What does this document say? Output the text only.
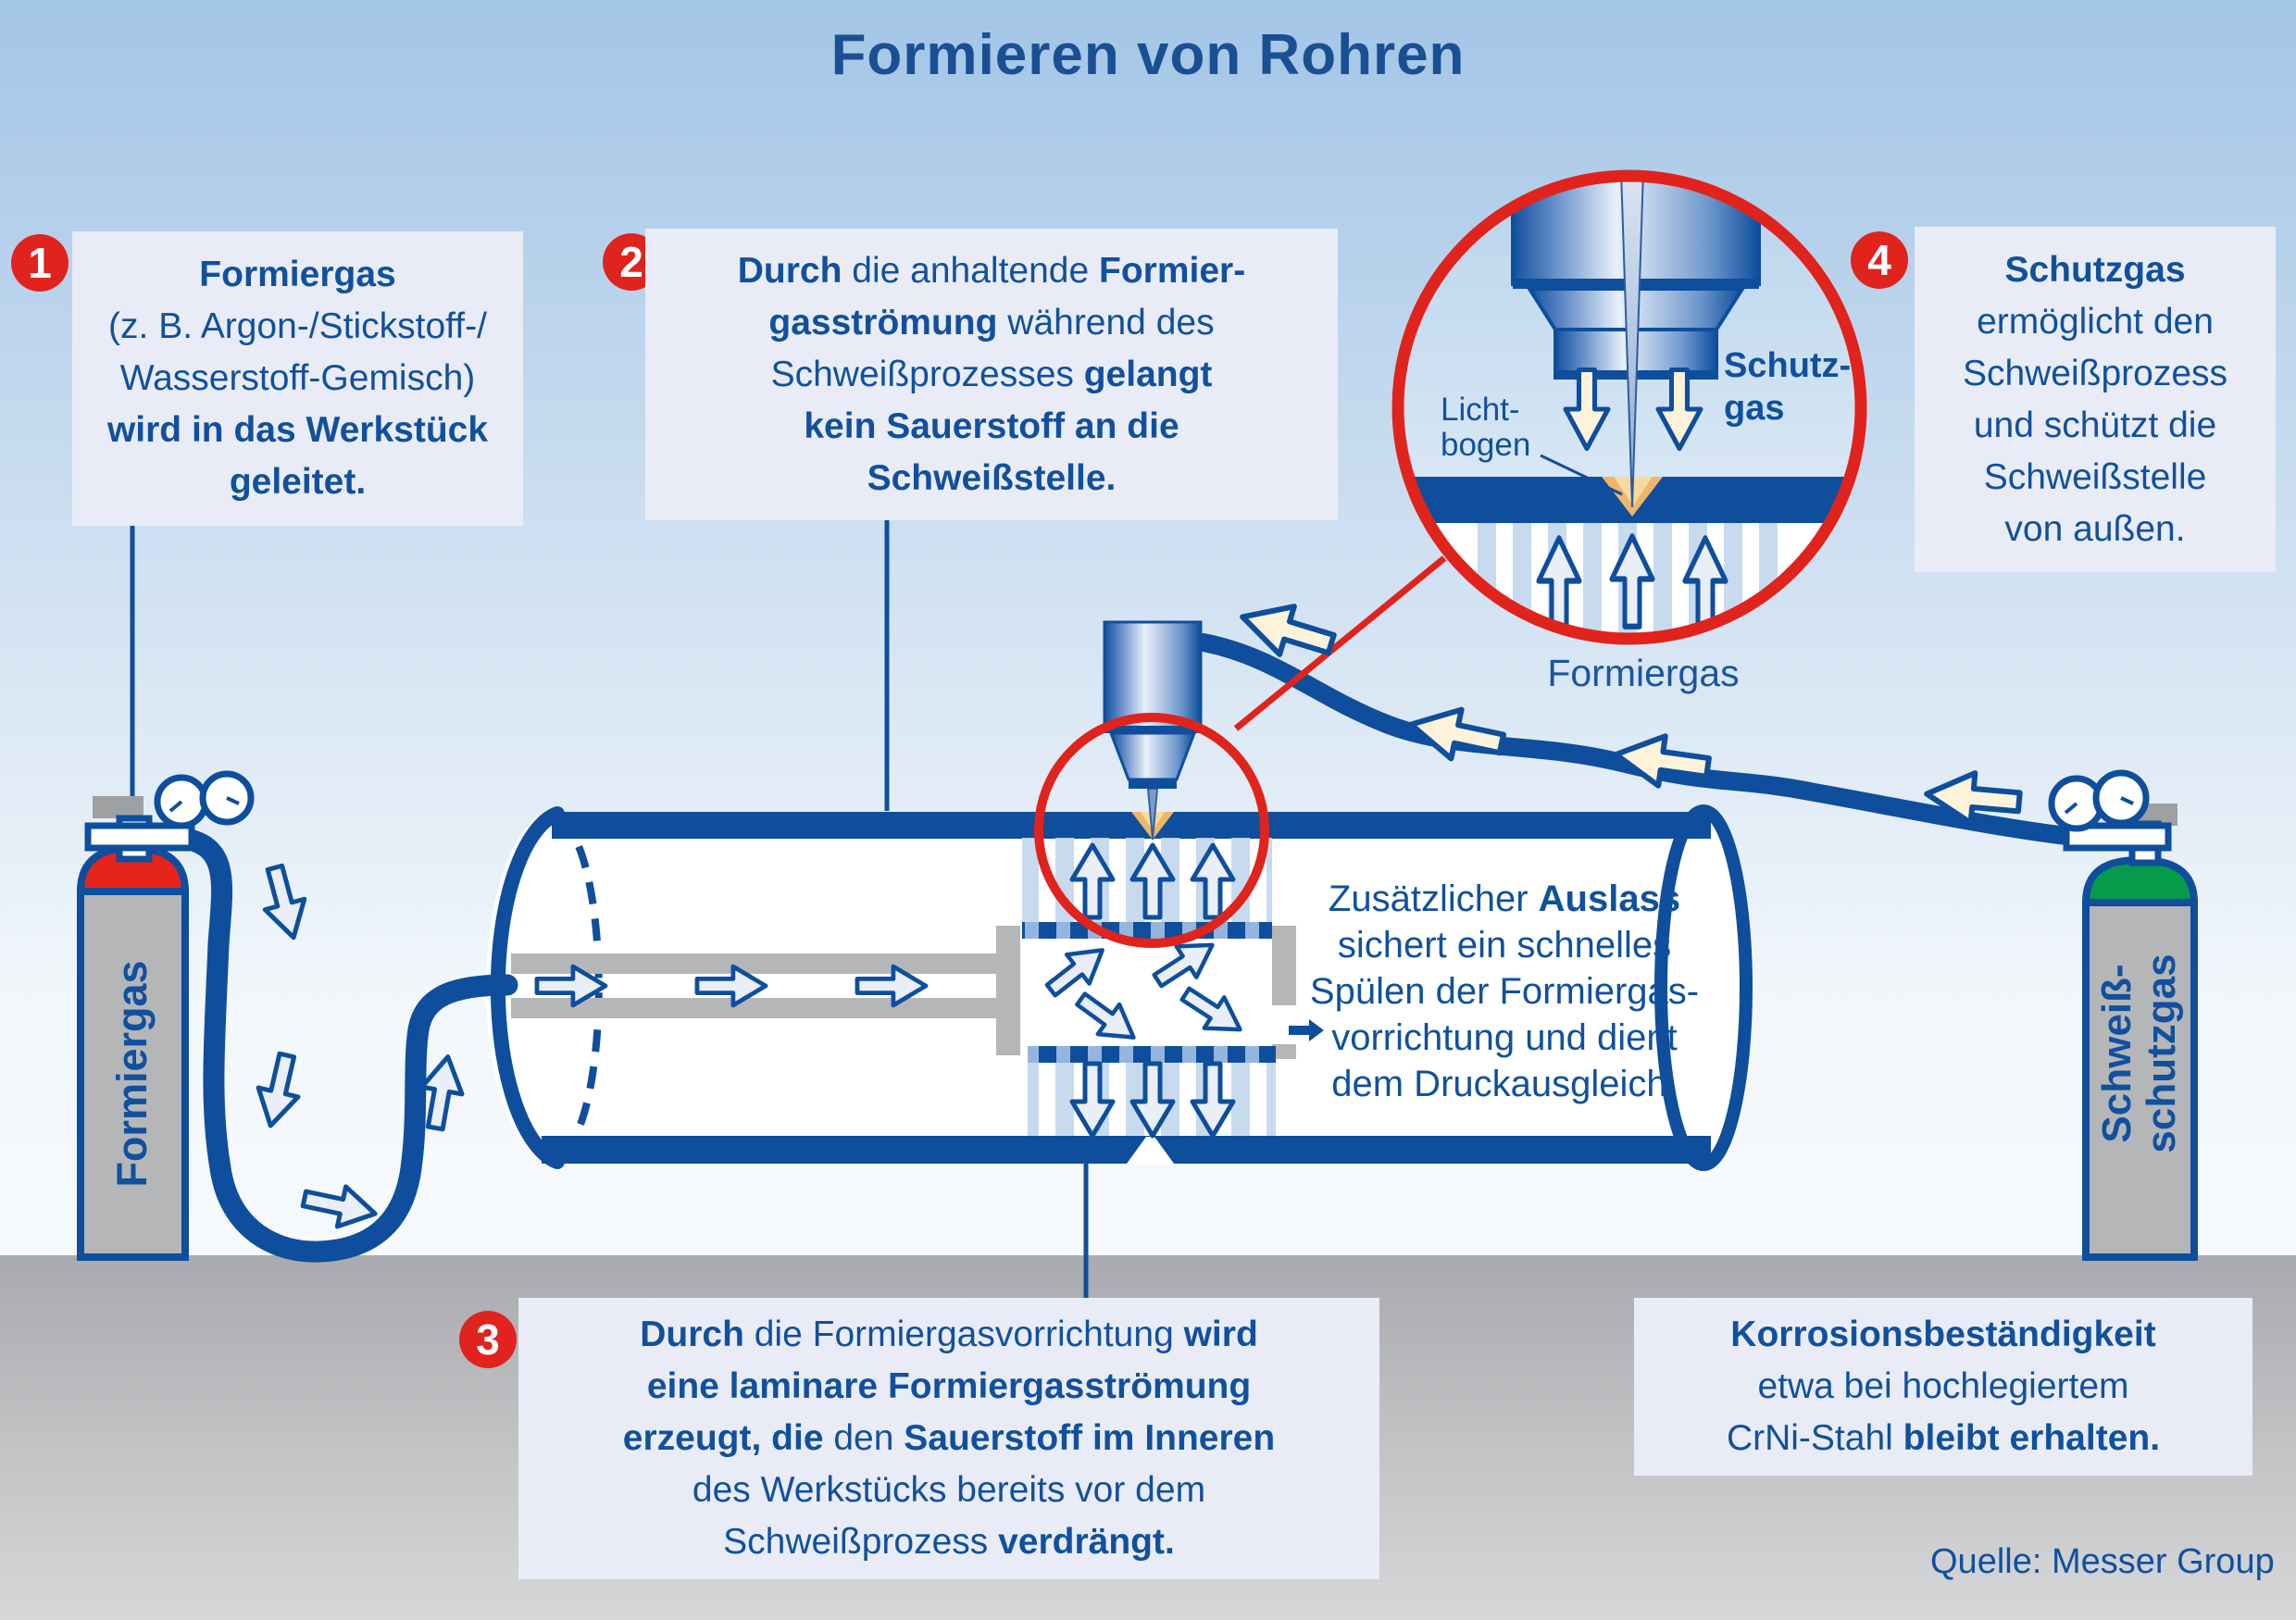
Formieren von Rohren
1	Formiergas
(z. B. Argon-/Stickstoff-/
Wasserstoff-Gemisch)
wird in das Werkstück
geleitet.
2	Durch die anhaltende Formier-
gasströmung während des
Schweißprozesses gelangt
kein Sauerstoff an die
Schweißstelle.
4	Schutzgas
ermöglicht den
Schweißprozess
und schützt die
Schweißstelle
von außen.
3	Durch die Formiergasvorrichtung wird
eine laminare Formiergasströmung
erzeugt, die den Sauerstoff im Inneren
des Werkstücks bereits vor dem
Schweißprozess verdrängt.
Korrosionsbeständigkeit
etwa bei hochlegiertem
CrNi-Stahl bleibt erhalten.
Zusätzlicher Auslass
sichert ein schnelles
Spülen der Formiergas-
vorrichtung und dient
dem Druckausgleich.
Licht-
bogen
Schutz-
gas
Formiergas
Formiergas	Schweiß- schutzgas
Quelle: Messer Group
